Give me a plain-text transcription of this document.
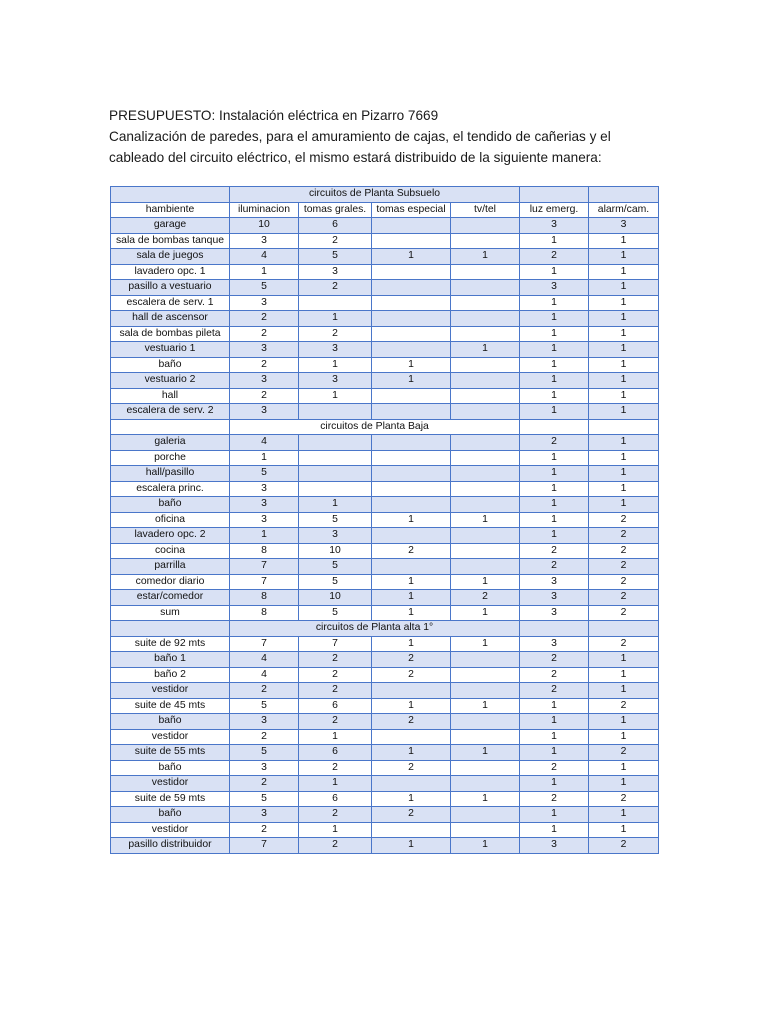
PRESUPUESTO: Instalación eléctrica en Pizarro 7669

Canalización de paredes, para el amuramiento de cajas, el tendido de cañerias y el

cableado del circuito eléctrico, el mismo estará distribuido de la siguiente manera:

	circuitos de Planta Subsuelo					
hambiente	iluminacion	tomas grales.	tomas especial	tv/tel	luz emerg.	alarm/cam.
garage	10	6			3	3
sala de bombas tanque	3	2			1	1
sala de juegos	4	5	1	1	2	1
lavadero opc. 1	1	3			1	1
pasillo a vestuario	5	2			3	1
escalera de serv. 1	3				1	1
hall de ascensor	2	1			1	1
sala de bombas pileta	2	2			1	1
vestuario 1	3	3		1	1	1
baño	2	1	1		1	1
vestuario 2	3	3	1		1	1
hall	2	1			1	1
escalera de serv. 2	3				1	1
	circuitos de Planta Baja					
galeria	4				2	1
porche	1				1	1
hall/pasillo	5				1	1
escalera princ.	3				1	1
baño	3	1			1	1
oficina	3	5	1	1	1	2
lavadero opc. 2	1	3			1	2
cocina	8	10	2		2	2
parrilla	7	5			2	2
comedor diario	7	5	1	1	3	2
estar/comedor	8	10	1	2	3	2
sum	8	5	1	1	3	2
	circuitos de Planta alta 1°					
suite de 92 mts	7	7	1	1	3	2
baño 1	4	2	2		2	1
baño 2	4	2	2		2	1
vestidor	2	2			2	1
suite de 45 mts	5	6	1	1	1	2
baño	3	2	2		1	1
vestidor	2	1			1	1
suite de 55 mts	5	6	1	1	1	2
baño	3	2	2		2	1
vestidor	2	1			1	1
suite de 59 mts	5	6	1	1	2	2
baño	3	2	2		1	1
vestidor	2	1			1	1
pasillo distribuidor	7	2	1	1	3	2
